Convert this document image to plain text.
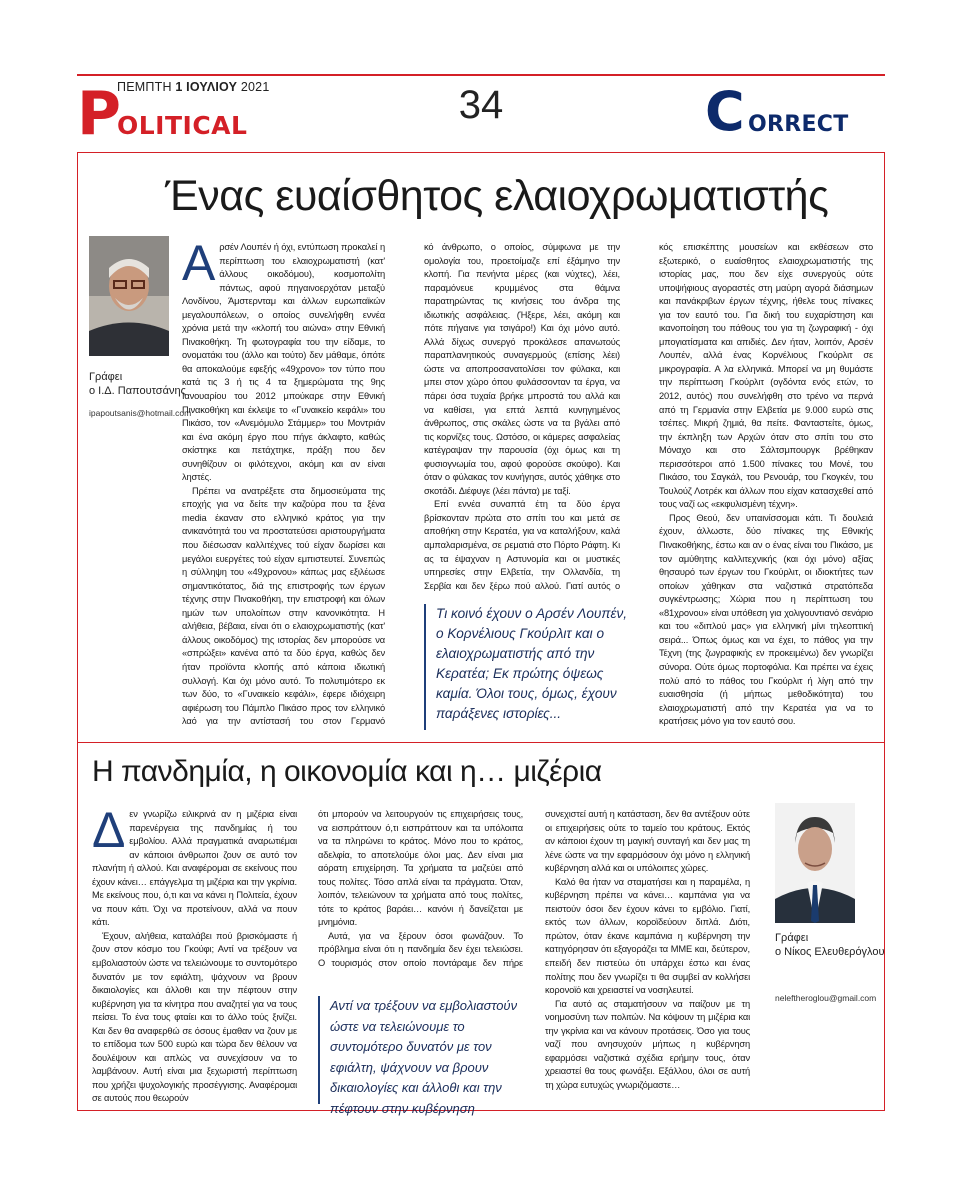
ΠΕΜΠΤΗ 1 ΙΟΥΛΙΟΥ 2021
P
OLITICAL	34	C ORRECT
Ένας ευαίσθητος ελαιοχρωματιστής
Γράφει
ο Ι.Δ. Παπουτσάνης
ipapoutsanis@hotmail.com
Α ρσέν Λουπέν ή όχι, εντύπωση προκαλεί η περίπτωση του ελαιοχρωματιστή (κατ' άλλους οικοδόμου), κοσμοπολίτη πάντως, αφού πηγαινοερχόταν μεταξύ Λονδίνου, Άμστερνταμ και άλλων ευρωπαϊκών μεγαλουπόλεων, ο οποίος συνελήφθη εννέα χρόνια μετά την «κλοπή του αιώνα» στην Εθνική Πινακοθήκη. Τη φωτογραφία του την είδαμε, το ονοματάκι του (άλλο και τούτο) δεν μάθαμε, όπότε θα αποκαλούμε εφεξής «49χρονο» τον τύπο που κατά τις 3 ή τις 4 τα ξημερώματα της 9ης Ιανουαρίου του 2012 μπούκαρε στην Εθνική Πινακοθήκη και έκλεψε το «Γυναικείο κεφάλι» του Πικάσο, τον «Ανεμόμυλο Στάμμερ» του Μοντριάν και ένα ακόμη έργο που πήγε άκλαφτο, καθώς σκίστηκε και πετάχτηκε, πράξη που δεν συνηθίζουν οι φιλότεχνοι, ακόμη και αν είναι ληστές.

Πρέπει να ανατρέξετε στα δημοσιεύματα της εποχής για να δείτε την καζούρα που τα ξένα media έκαναν στο ελληνικό κράτος για την ανικανότητά του να προστατεύσει αριστουργήματα που διέσωσαν καλλιτέχνες τού είχαν δωρίσει και μεγάλοι ευεργέτες τού είχαν εμπιστευτεί. Συνεπώς η σύλληψη του «49χρονου» κάπως μας εξιλέωσε σημαντικότατος, διά της επιστροφής των έργων τέχνης στην Πινακοθήκη, την επιστροφή και όλων ημών των υπολοίπων στην κανονικότητα. Η αλήθεια, βέβαια, είναι ότι ο ελαιοχρωματιστής (κατ' άλλους οικοδόμος) της ιστορίας δεν μπορούσε να «σπρώξει» κανένα από τα δύο έργα, καθώς δεν ήταν προϊόντα κλοπής από κάποια ιδιωτική συλλογή. Και όχι μόνο αυτό. Το πολυτιμότερο εκ των δύο, το «Γυναικείο κεφάλι», έφερε ιδιόχειρη αφιέρωση του Πάμπλο Πικάσο προς τον ελληνικό λαό για την αντίστασή του στον Γερμανό

κό άνθρωπο, ο οποίος, σύμφωνα με την ομολογία του, προετοίμαζε επί έξάμηνο την κλοπή. Για πενήντα μέρες (και νύχτες), λέει, παραμόνευε κρυμμένος στα θάμνα παρατηρώντας τις κινήσεις του άνδρα της ιδιωτικής ασφάλειας. (Ήξερε, λέει, ακόμη και πότε πήγαινε για τσιγάρο!) Και όχι μόνο αυτό. Αλλά δίχως συνεργό προκάλεσε απανωτούς παραπλανητικούς συναγερμούς (επίσης λέει) ώστε να αποπροσανατολίσει τον φύλακα, και μπει στον χώρο όπου φυλάσσονταν τα έργα, να πάρει όσα τυχαία βρήκε μπροστά του αλλά και να καθίσει, για επτά λεπτά κυνηγημένος άνθρωπος, στις σκάλες ώστε να τα βγάλει από τις κορνίζες τους. Ωστόσο, οι κάμερες ασφαλείας κατέγραψαν την παρουσία (όχι όμως και τη φυσιογνωμία του, αφού φορούσε σκούφο). Και όταν ο φύλακας τον κυνήγησε, αυτός χάθηκε στο σκοτάδι. Διέφυγε (λέει πάντα) με ταξί.

Επί εννέα συναπτά έτη τα δύο έργα βρίσκονταν πρώτα στο σπίτι του και μετά σε αποθήκη στην Κερατέα, για να καταλήξουν, καλά αμπαλαρισμένα, σε ρεματιά στο Πόρτο Ράφτη. Κι ας τα έψαχναν η Αστυνομία και οι μυστικές υπηρεσίες στην Ελβετία, την Ολλανδία, τη Σερβία και δεν ξέρω πού αλλού. Γιατί αυτός ο

Τι κοινό έχουν ο Αρσέν Λουπέν, ο Κορνέλιους Γκούρλιτ και ο ελαιοχρωματιστής από την Κερατέα; Εκ πρώτης όψεως καμία. Όλοι τους, όμως, έχουν παράξενες ιστορίες...

κός επισκέπτης μουσείων και εκθέσεων στο εξωτερικό, ο ευαίσθητος ελαιοχρωματιστής της ιστορίας μας, που δεν είχε συνεργούς ούτε υποψήφιους αγοραστές στη μαύρη αγορά διάσημων και πανάκριβων έργων τέχνης, ήθελε τους πίνακες για τον εαυτό του. Για δική του ευχαρίστηση και ικανοποίηση του πάθους του για τη ζωγραφική - όχι μπογιατίσματα και απιδιές. Δεν ήταν, λοιπόν, Αρσέν Λουπέν, αλλά ένας Κορνέλιους Γκούρλιτ σε μικρογραφία. Α λα ελληνικά. Μπορεί να μη θυμάστε την περίπτωση Γκούρλιτ (ογδόντα ενός ετών, το 2012, αυτός) που συνελήφθη στο τρένο να περνά από τη Γερμανία στην Ελβετία με 9.000 ευρώ στις τσέπες. Μικρή ζημιά, θα πείτε. Φανταστείτε, όμως, την έκπληξη των Αρχών όταν στο σπίτι του στο Μόναχο και στο Σάλτσμπουργκ βρέθηκαν περισσότεροι από 1.500 πίνακες του Μονέ, του Πικάσο, του Σαγκάλ, του Ρενουάρ, του Γκογκέν, του Τουλούζ Λοτρέκ και άλλων που είχαν κατασχεθεί από τους ναζί ως «εκφυλισμένη τέχνη».

Προς Θεού, δεν υπαινίσσομαι κάτι. Τι δουλειά έχουν, άλλωστε, δύο πίνακες της Εθνικής Πινακοθήκης, έστω και αν ο ένας είναι του Πικάσο, με τον αμύθητης καλλιτεχνικής (και όχι μόνο) αξίας θησαυρό των έργων του Γκούρλιτ, οι ιδιοκτήτες των οποίων χάθηκαν στα ναζιστικά στρατόπεδα συγκέντρωσης; Χώρια που η περίπτωση του «81χρονου» είναι υπόθεση για χολιγουντιανό σενάριο και του «διπλού μας» για ελληνική μίνι τηλεοπτική σειρά... Όπως όμως και να έχει, το πάθος για την Τέχνη (της ζωγραφικής εν προκειμένω) δεν γνωρίζει σύνορα. Ούτε όμως πορτοφόλια. Και πρέπει να έχεις πολύ από το πάθος του Γκούρλιτ ή λίγη από την ευαισθησία (ή μήπως μεθοδικότητα) του ελαιοχρωματιστή από την Κερατέα για να το κρατήσεις μόνο για τον εαυτό σου.

Η πανδημία, η οικονομία και η… μιζέρια
Δ εν γνωρίζω ειλικρινά αν η μιζέρια είναι παρενέργεια της πανδημίας ή του εμβολίου. Αλλά πραγματικά αναρωτιέμαι αν κάποιοι άνθρωποι ζουν σε αυτό τον πλανήτη ή αλλού. Και αναφέρομαι σε εκείνους που έχουν κάνει… επάγγελμα τη μιζέρια και την γκρίνια. Με εκείνους που, ό,τι και να κάνει η Πολιτεία, έχουν να πουν κάτι. Όχι να προτείνουν, αλλά να πουν κάτι.

Έχουν, αλήθεια, καταλάβει πού βρισκόμαστε ή ζουν στον κόσμο του Γκούφι; Αντί να τρέξουν να εμβολιαστούν ώστε να τελειώνουμε το συντομότερο δυνατόν με τον εφιάλτη, ψάχνουν να βρουν δικαιολογίες και άλλοθι και την πέφτουν στην κυβέρνηση για τα κίνητρα που αναζητεί για να τους πείσει. Το ένα τους φταίει και το άλλο τούς ξινίζει. Και δεν θα αναφερθώ σε όσους έμαθαν να ζουν με το επίδομα των 500 ευρώ και τώρα δεν θέλουν να δουλέψουν και απλώς να συνεχίσουν να το λαμβάνουν. Αυτή είναι μια ξεχωριστή περίπτωση που χρήζει ψυχολογικής προσέγγισης. Αναφέρομαι σε αυτούς που θεωρούν

ότι μπορούν να λειτουργούν τις επιχειρήσεις τους, να εισπράττουν ό,τι εισπράττουν και τα υπόλοιπα να τα πληρώνει το κράτος. Μόνο που το κράτος, αδελφία, το αποτελούμε όλοι μας. Δεν είναι μια αόρατη επιχείρηση. Τα χρήματα τα μαζεύει από τους πολίτες. Τόσο απλά είναι τα πράγματα. Όταν, λοιπόν, τελειώνουν τα χρήματα από τους πολίτες, τότε το κράτος βαράει… κανόνι ή δανείζεται με μνημόνια.

Αυτά, για να ξέρουν όσοι φωνάζουν. Το πρόβλημα είναι ότι η πανδημία δεν έχει τελειώσει. Ο τουρισμός στον οποίο ποντάραμε δεν πήρε

Αντί να τρέξουν να εμβολιαστούν ώστε να τελειώνουμε το συντομότερο δυνατόν με τον εφιάλτη, ψάχνουν να βρουν δικαιολογίες και άλλοθι και την πέφτουν στην κυβέρνηση

συνεχιστεί αυτή η κατάσταση, δεν θα αντέξουν ούτε οι επιχειρήσεις ούτε το ταμείο του κράτους. Εκτός αν κάποιοι έχουν τη μαγική συνταγή και δεν μας τη λένε ώστε να την εφαρμόσουν όχι μόνο η ελληνική κυβέρνηση αλλά και οι υπόλοιπες χώρες.

Καλό θα ήταν να σταματήσει και η παραμέλα, η κυβέρνηση πρέπει να κάνει… καμπάνια για να πειστούν όσοι δεν έχουν κάνει το εμβόλιο. Γιατί, εκτός των άλλων, κοροϊδεύουν διπλά. Διότι, πρώτον, όταν έκανε καμπάνια η κυβέρνηση την κατηγόρησαν ότι εξαγοράζει τα ΜΜΕ και, δεύτερον, επειδή δεν πιστεύω ότι υπάρχει έστω και ένας πολίτης που δεν γνωρίζει τι θα συμβεί αν κολλήσει κορονοϊό και χρειαστεί να νοσηλευτεί.

Για αυτό ας σταματήσουν να παίζουν με τη νοημοσύνη των πολιτών. Να κόψουν τη μιζέρια και την γκρίνια και να κάνουν προτάσεις. Όσο για τους ναζί που ανησυχούν μήπως η κυβέρνηση εφαρμόσει ναζιστικά σχέδια ερήμην τους, όταν χρειαστεί θα τους φωνάξει. Εξάλλου, όλοι σε αυτή τη χώρα ευτυχώς γνωριζόμαστε…

Γράφει
ο Νίκος Ελευθερόγλου
neleftheroglou@gmail.com
